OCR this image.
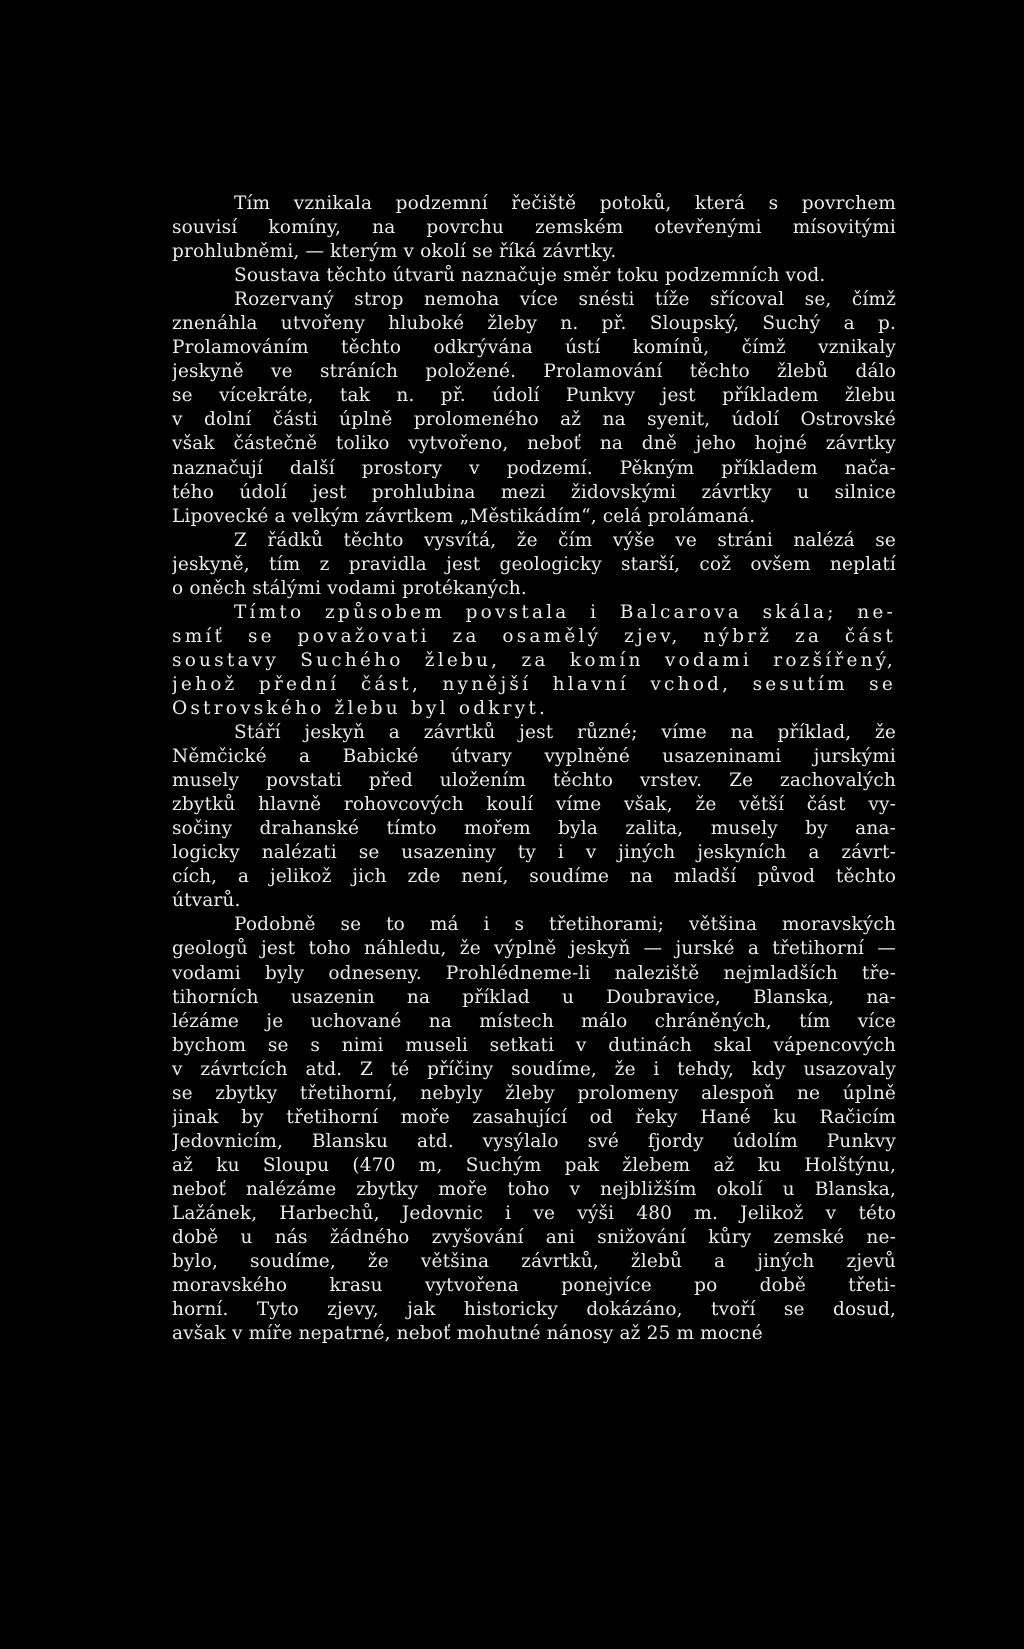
Tím vznikala podzemní řečiště potoků, která s povrchem
souvisí komíny, na povrchu zemském otevřenými mísovitými
prohlubněmi, — kterým v okolí se říká závrtky.
Soustava těchto útvarů naznačuje směr toku podzemních vod.
Rozervaný strop nemoha více snésti tíže sřícoval se, čímž
znenáhla utvořeny hluboké žleby n. př. Sloupský, Suchý a p.
Prolamováním těchto odkrývána ústí komínů, čímž vznikaly
jeskyně ve stráních položené. Prolamování těchto žlebů dálo
se vícekráte, tak n. př. údolí Punkvy jest příkladem žlebu
v dolní části úplně prolomeného až na syenit, údolí Ostrovské
však částečně toliko vytvořeno, neboť na dně jeho hojné závrtky
naznačují další prostory v podzemí. Pěkným příkladem nača-
tého údolí jest prohlubina mezi židovskými závrtky u silnice
Lipovecké a velkým závrtkem „Městikádím“, celá prolámaná.
Z řádků těchto vysvítá, že čím výše ve stráni nalézá se
jeskyně, tím z pravidla jest geologicky starší, což ovšem neplatí
o oněch stálými vodami protékaných.
Tímto způsobem povstala i Balcarova skála; ne-
smíť se považovati za osamělý zjev, nýbrž za část
soustavy Suchého žlebu, za komín vodami rozšířený,
jehož přední část, nynější hlavní vchod, sesutím se
Ostrovského žlebu byl odkryt.
Stáří jeskyň a závrtků jest různé; víme na příklad, že
Němčické a Babické útvary vyplněné usazeninami jurskými
musely povstati před uložením těchto vrstev. Ze zachovalých
zbytků hlavně rohovcových koulí víme však, že větší část vy-
sočiny drahanské tímto mořem byla zalita, musely by ana-
logicky nalézati se usazeniny ty i v jiných jeskyních a závrt-
cích, a jelikož jich zde není, soudíme na mladší původ těchto
útvarů.
Podobně se to má i s třetihorami; většina moravských
geologů jest toho náhledu, že výplně jeskyň — jurské a třetihorní —
vodami byly odneseny. Prohlédneme-li naleziště nejmladších tře-
tihorních usazenin na příklad u Doubravice, Blanska, na-
lézáme je uchované na místech málo chráněných, tím více
bychom se s nimi museli setkati v dutinách skal vápencových
v závrtcích atd. Z té příčiny soudíme, že i tehdy, kdy usazovaly
se zbytky třetihorní, nebyly žleby prolomeny alespoň ne úplně
jinak by třetihorní moře zasahující od řeky Hané ku Račicím
Jedovnicím, Blansku atd. vysýlalo své fjordy údolím Punkvy
až ku Sloupu (470 m, Suchým pak žlebem až ku Holštýnu,
neboť nalézáme zbytky moře toho v nejbližším okolí u Blanska,
Lažánek, Harbechů, Jedovnic i ve výši 480 m. Jelikož v této
době u nás žádného zvyšování ani snižování kůry zemské ne-
bylo, soudíme, že většina závrtků, žlebů a jiných zjevů
moravského krasu vytvořena ponejvíce po době třeti-
horní. Tyto zjevy, jak historicky dokázáno, tvoří se dosud,
avšak v míře nepatrné, neboť mohutné nánosy až 25 m mocné
